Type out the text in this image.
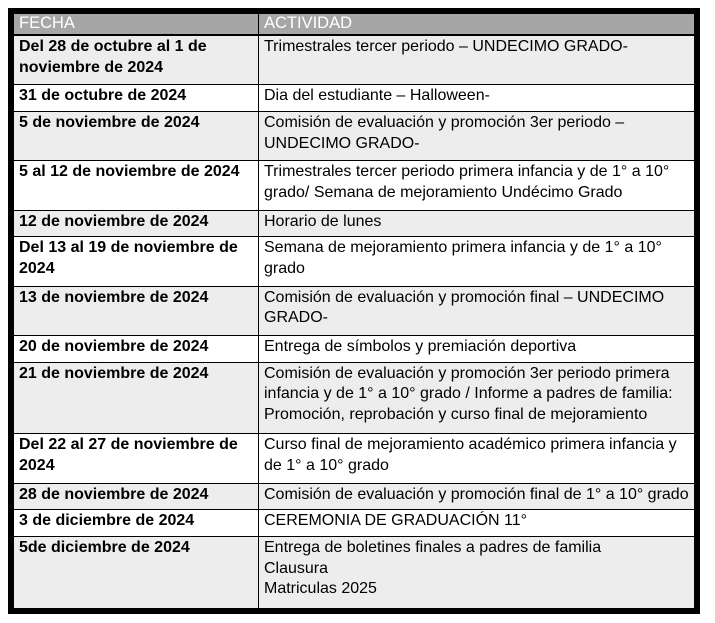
FECHA	ACTIVIDAD
Del 28 de octubre al 1 de noviembre de 2024	Trimestrales tercer periodo – UNDECIMO GRADO-
31 de octubre de 2024	Dia del estudiante – Halloween-
5 de noviembre de 2024	Comisión de evaluación y promoción 3er periodo – UNDECIMO GRADO-
5 al 12 de noviembre de 2024	Trimestrales tercer periodo primera infancia y de 1° a 10° grado/ Semana de mejoramiento Undécimo Grado
12 de noviembre de 2024	Horario de lunes
Del 13 al 19 de noviembre de 2024	Semana de mejoramiento primera infancia y de 1° a 10° grado
13 de noviembre de 2024	Comisión de evaluación y promoción final – UNDECIMO GRADO-
20 de noviembre de 2024	Entrega de símbolos y premiación deportiva
21 de noviembre de 2024	Comisión de evaluación y promoción 3er periodo primera infancia y de 1° a 10° grado / Informe a padres de familia: Promoción, reprobación y curso final de mejoramiento
Del 22 al 27 de noviembre de 2024	Curso final de mejoramiento académico primera infancia y de 1° a 10° grado
28 de noviembre de 2024	Comisión de evaluación y promoción final de 1° a 10° grado
3 de diciembre de 2024	CEREMONIA DE GRADUACIÓN 11°
5de diciembre de 2024	Entrega de boletines finales a padres de familia
Clausura
Matriculas 2025
